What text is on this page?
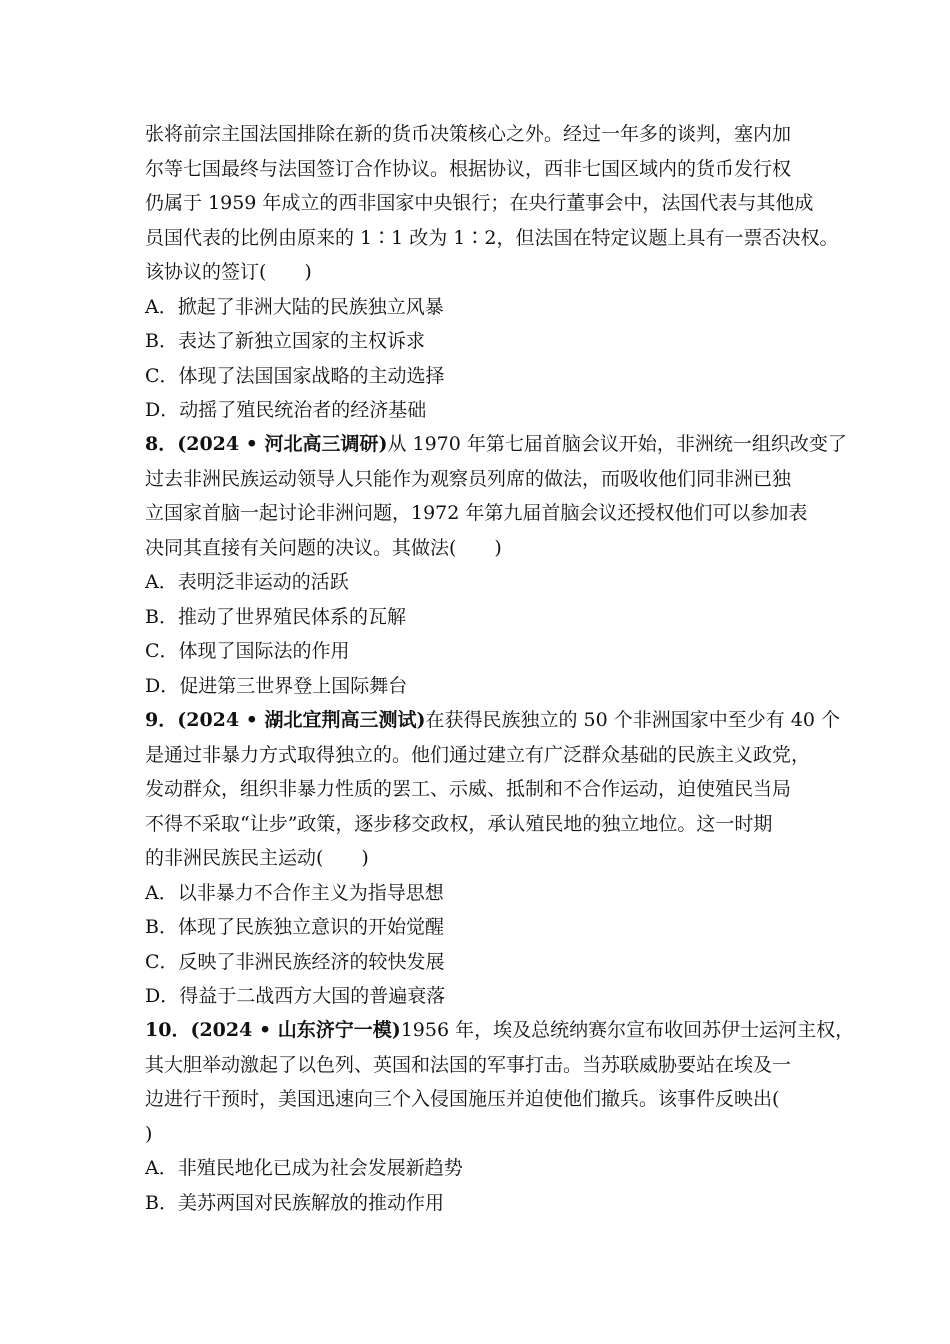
张将前宗主国法国排除在新的货币决策核心之外。经过一年多的谈判，塞内加
尔等七国最终与法国签订合作协议。根据协议，西非七国区域内的货币发行权
仍属于 1959 年成立的西非国家中央银行；在央行董事会中，法国代表与其他成
员国代表的比例由原来的 1∶1 改为 1∶2，但法国在特定议题上具有一票否决权。
该协议的签订(　　)
A．掀起了非洲大陆的民族独立风暴
B．表达了新独立国家的主权诉求
C．体现了法国国家战略的主动选择
D．动摇了殖民统治者的经济基础
8．(2024 • 河北高三调研)从 1970 年第七届首脑会议开始，非洲统一组织改变了
过去非洲民族运动领导人只能作为观察员列席的做法，而吸收他们同非洲已独
立国家首脑一起讨论非洲问题，1972 年第九届首脑会议还授权他们可以参加表
决同其直接有关问题的决议。其做法(　　)
A．表明泛非运动的活跃
B．推动了世界殖民体系的瓦解
C．体现了国际法的作用
D．促进第三世界登上国际舞台
9．(2024 • 湖北宜荆高三测试)在获得民族独立的 50 个非洲国家中至少有 40 个
是通过非暴力方式取得独立的。他们通过建立有广泛群众基础的民族主义政党，
发动群众，组织非暴力性质的罢工、示威、抵制和不合作运动，迫使殖民当局
不得不采取“让步”政策，逐步移交政权，承认殖民地的独立地位。这一时期
的非洲民族民主运动(　　)
A．以非暴力不合作主义为指导思想
B．体现了民族独立意识的开始觉醒
C．反映了非洲民族经济的较快发展
D．得益于二战西方大国的普遍衰落
10．(2024 • 山东济宁一模)1956 年，埃及总统纳赛尔宣布收回苏伊士运河主权，
其大胆举动激起了以色列、英国和法国的军事打击。当苏联威胁要站在埃及一
边进行干预时，美国迅速向三个入侵国施压并迫使他们撤兵。该事件反映出(
)
A．非殖民地化已成为社会发展新趋势
B．美苏两国对民族解放的推动作用
